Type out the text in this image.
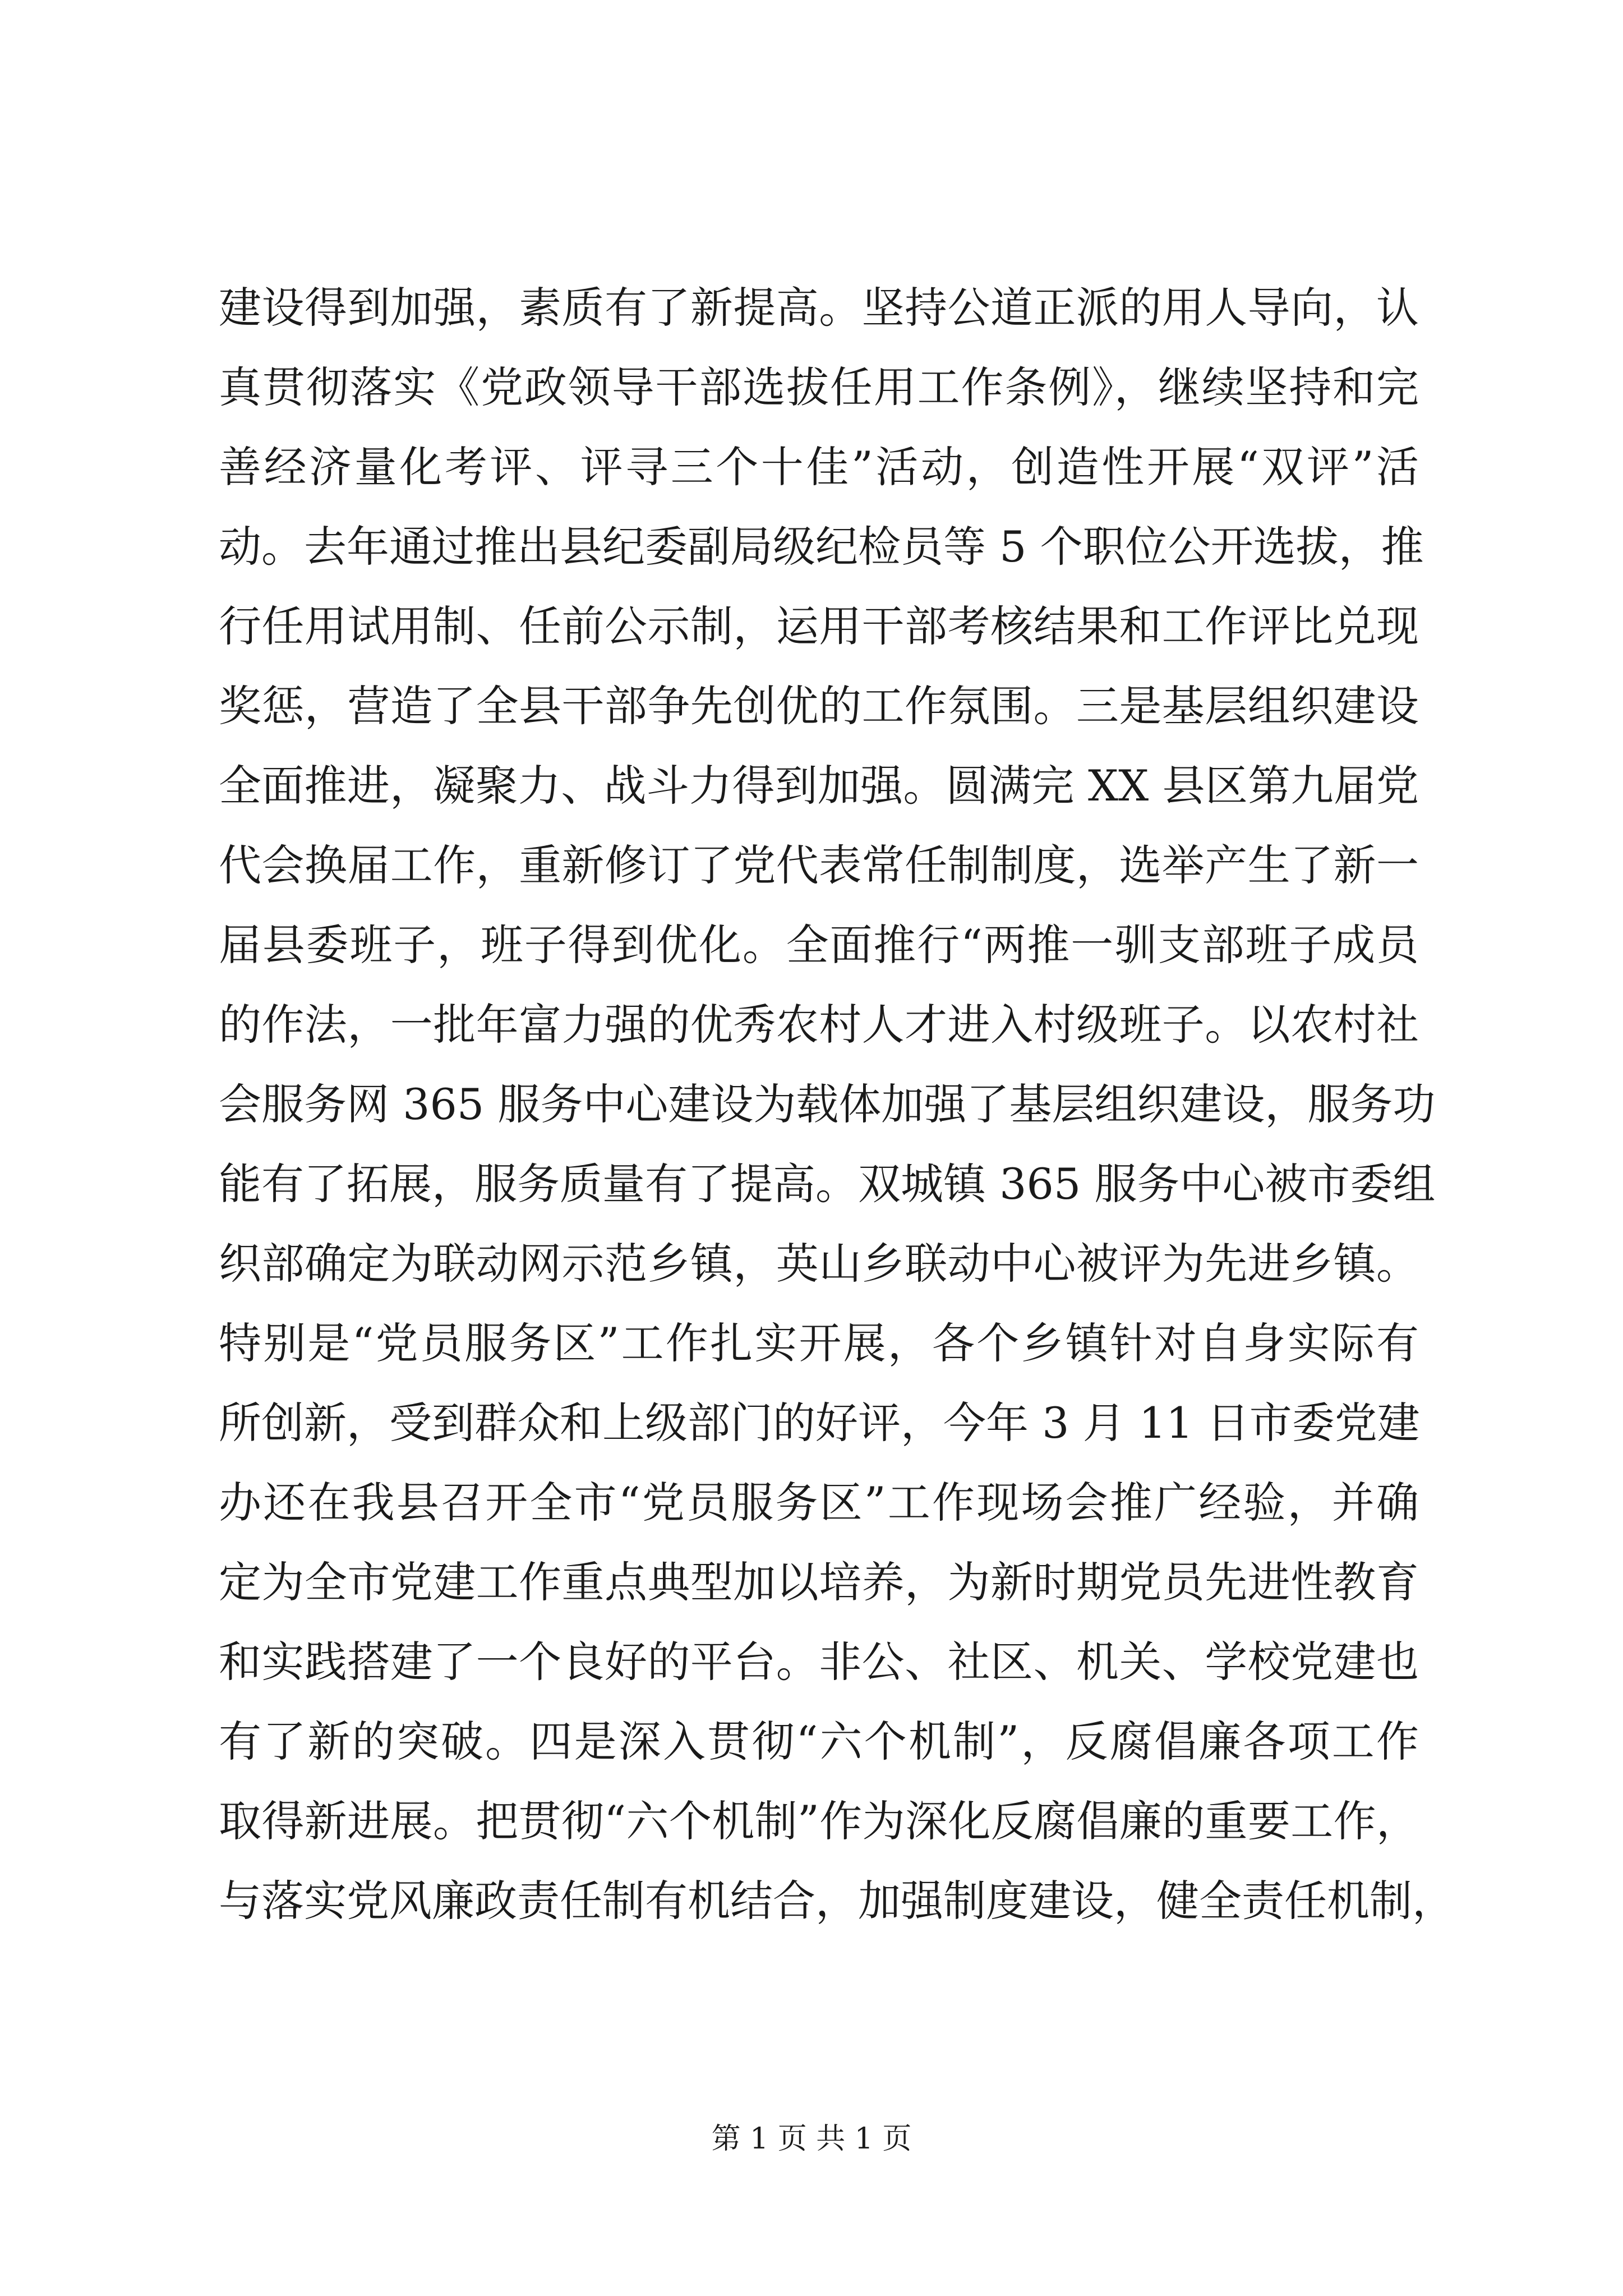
建设得到加强，素质有了新提高。坚持公道正派的用人导向，认
真贯彻落实《党政领导干部选拔任用工作条例》，继续坚持和完
善经济量化考评、评寻三个十佳”活动，创造性开展“双评”活
动。去年通过推出县纪委副局级纪检员等 5 个职位公开选拔，推
行任用试用制、任前公示制，运用干部考核结果和工作评比兑现
奖惩，营造了全县干部争先创优的工作氛围。三是基层组织建设
全面推进，凝聚力、战斗力得到加强。圆满完 XX 县区第九届党
代会换届工作，重新修订了党代表常任制制度，选举产生了新一
届县委班子，班子得到优化。全面推行“两推一驯支部班子成员
的作法，一批年富力强的优秀农村人才进入村级班子。以农村社
会服务网 365 服务中心建设为载体加强了基层组织建设，服务功
能有了拓展，服务质量有了提高。双城镇 365 服务中心被市委组
织部确定为联动网示范乡镇，英山乡联动中心被评为先进乡镇。
特别是“党员服务区”工作扎实开展，各个乡镇针对自身实际有
所创新，受到群众和上级部门的好评，今年 3 月 11 日市委党建
办还在我县召开全市“党员服务区”工作现场会推广经验，并确
定为全市党建工作重点典型加以培养，为新时期党员先进性教育
和实践搭建了一个良好的平台。非公、社区、机关、学校党建也
有了新的突破。四是深入贯彻“六个机制”，反腐倡廉各项工作
取得新进展。把贯彻“六个机制”作为深化反腐倡廉的重要工作，
与落实党风廉政责任制有机结合，加强制度建设，健全责任机制，
第 1 页 共 1 页
